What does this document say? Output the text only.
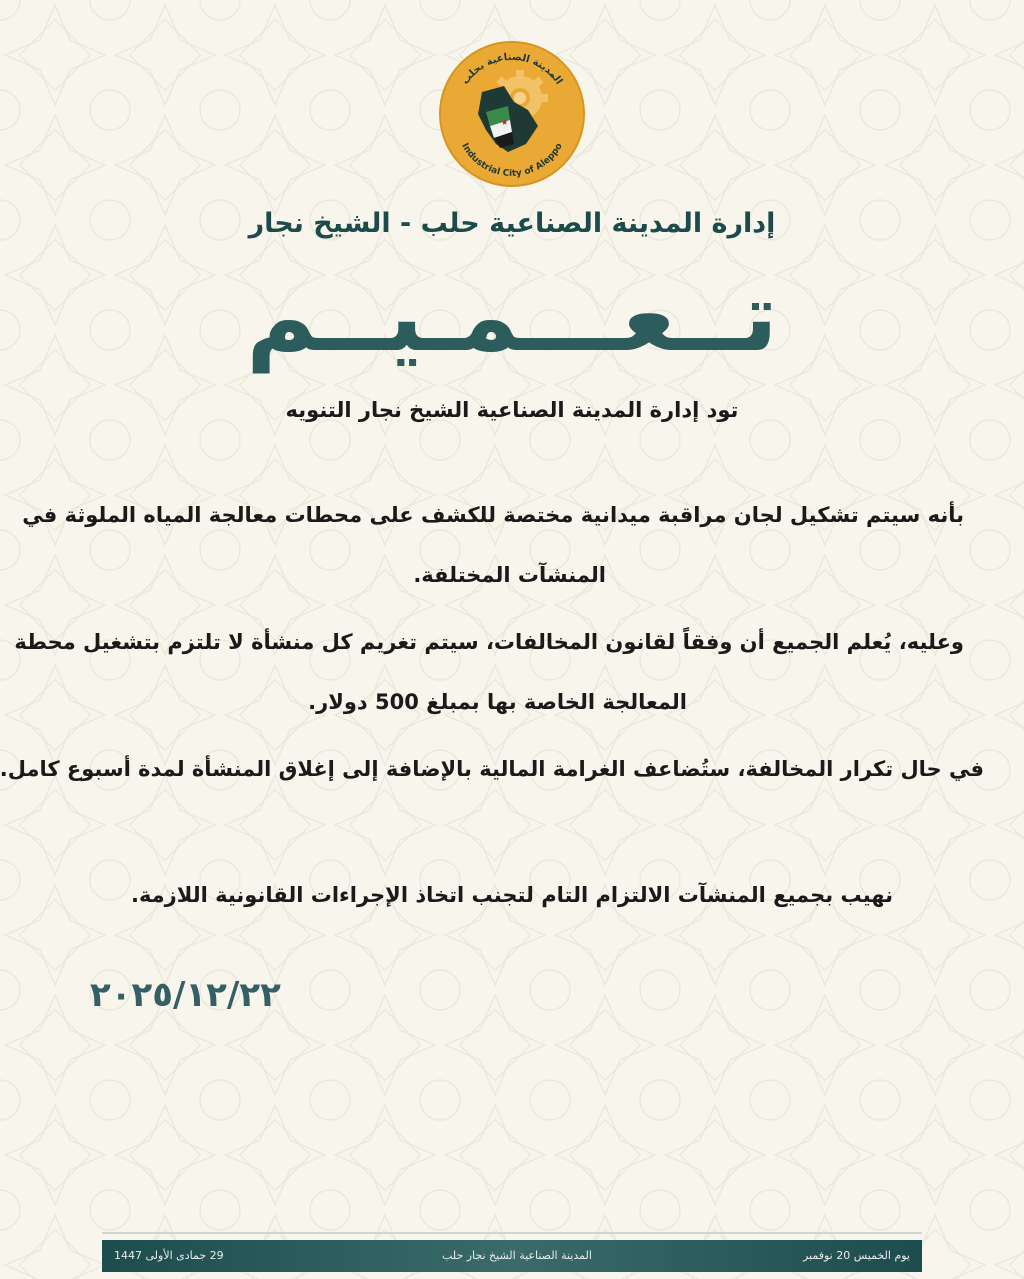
★
المدينة الصناعية بحلب
Industrial City of Aleppo
إدارة المدينة الصناعية حلب - الشيخ نجار
تــعـــمـيــم
تود إدارة المدينة الصناعية الشيخ نجار التنويه
بأنه سيتم تشكيل لجان مراقبة ميدانية مختصة للكشف على محطات معالجة المياه الملوثة في
المنشآت المختلفة.
وعليه، يُعلم الجميع أن وفقاً لقانون المخالفات، سيتم تغريم كل منشأة لا تلتزم بتشغيل محطة
المعالجة الخاصة بها بمبلغ 500 دولار.
في حال تكرار المخالفة، ستُضاعف الغرامة المالية بالإضافة إلى إغلاق المنشأة لمدة أسبوع كامل.
نهيب بجميع المنشآت الالتزام التام لتجنب اتخاذ الإجراءات القانونية اللازمة.
٢٠٢٥/١٢/٢٢
يوم الخميس 20 نوفمبر
المدينة الصناعية الشيخ نجار حلب
29 جمادى الأولى 1447
